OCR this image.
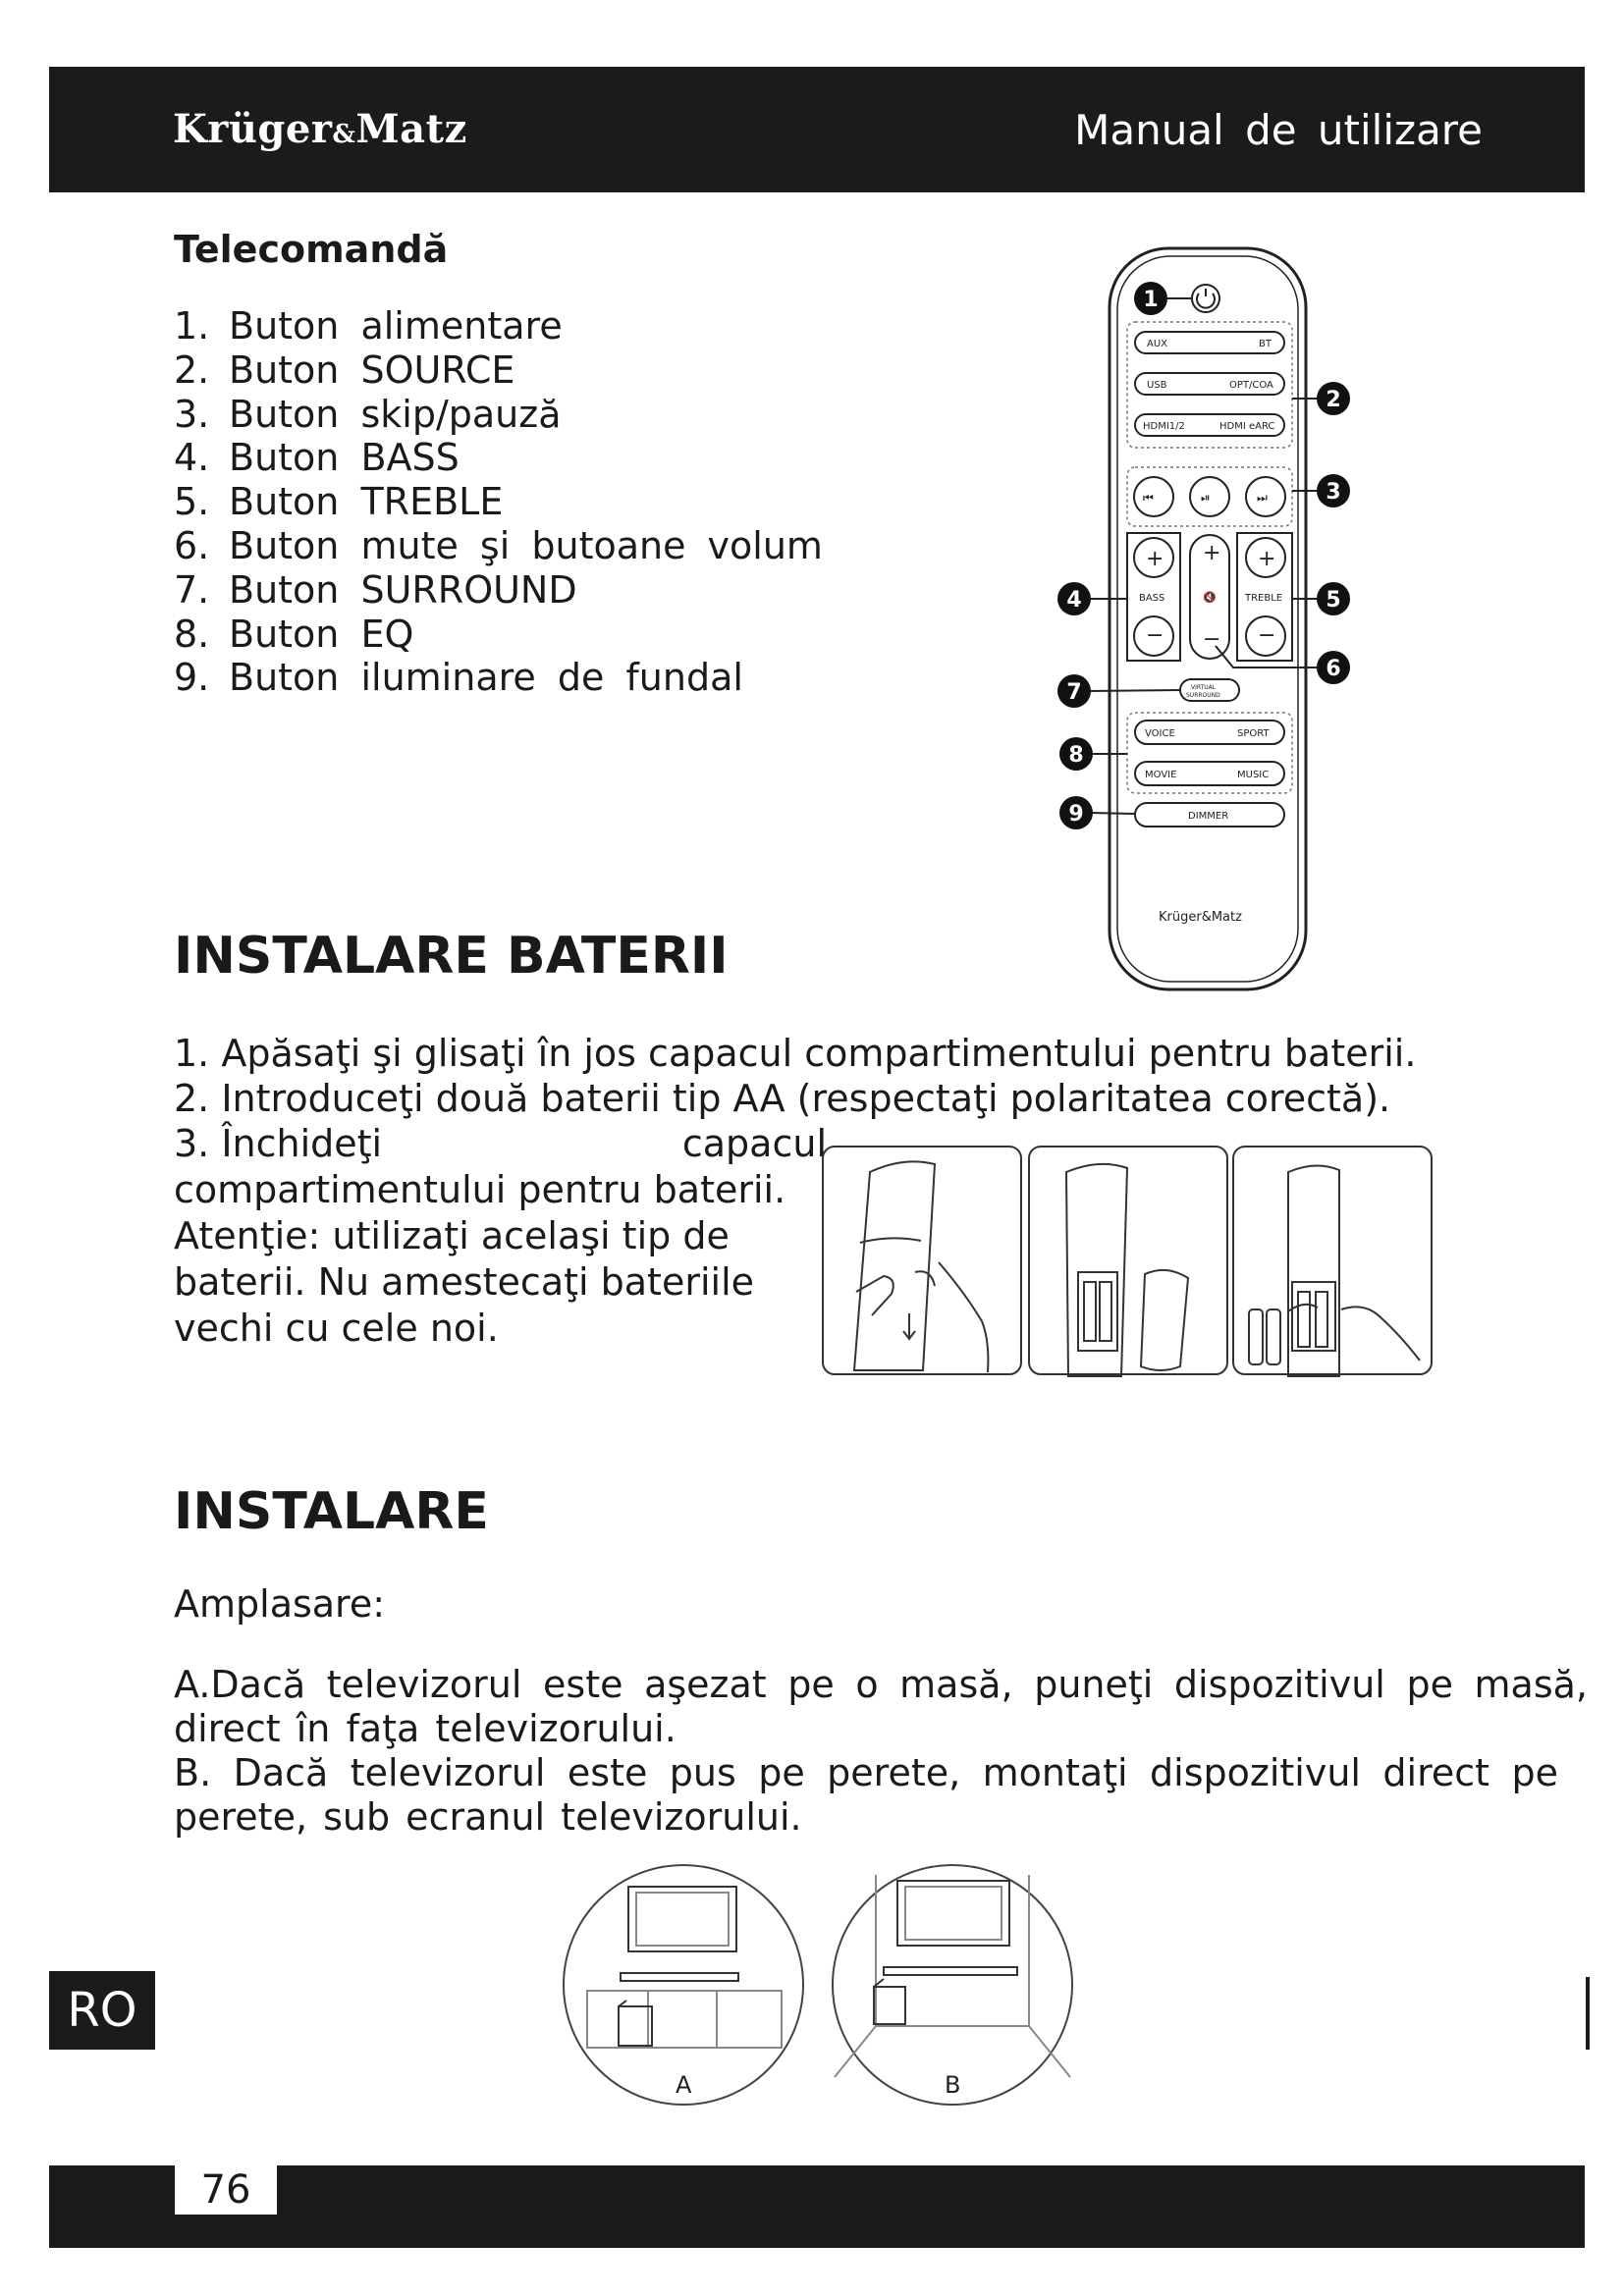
Krüger&Matz	Manual de utilizare
Telecomandă
1. Buton alimentare
2. Buton SOURCE
3. Buton skip/pauză
4. Buton BASS
5. Buton TREBLE
6. Buton mute şi butoane volum
7. Buton SURROUND
8. Buton EQ
9. Buton iluminare de fundal
AUX	BT
USB	OPT/COA
HDMI1/2	HDMI eARC
⏮	⏯	⏭
+
−
+
−
+
−
🔇
BASS	TREBLE
VIRTUAL
SURROUND
VOICE	SPORT
MOVIE	MUSIC
DIMMER
Krüger&Matz
1
2
3
4	5
6
7
8
9
INSTALARE BATERII
1. Apăsaţi şi glisaţi în jos capacul compartimentului pentru baterii.
2. Introduceţi două baterii tip AA (respectaţi polaritatea corectă).

3. Închideţi	capacul

compartimentului pentru baterii.

Atenţie: utilizaţi acelaşi tip de

baterii. Nu amestecaţi bateriile

vechi cu cele noi.

INSTALARE
Amplasare:
A.Dacă televizorul este aşezat pe o masă, puneţi dispozitivul pe masă, direct în faţa televizorului.
B. Dacă televizorul este pus pe perete, montaţi dispozitivul direct pe perete, sub ecranul televizorului.
A	B
RO
76
